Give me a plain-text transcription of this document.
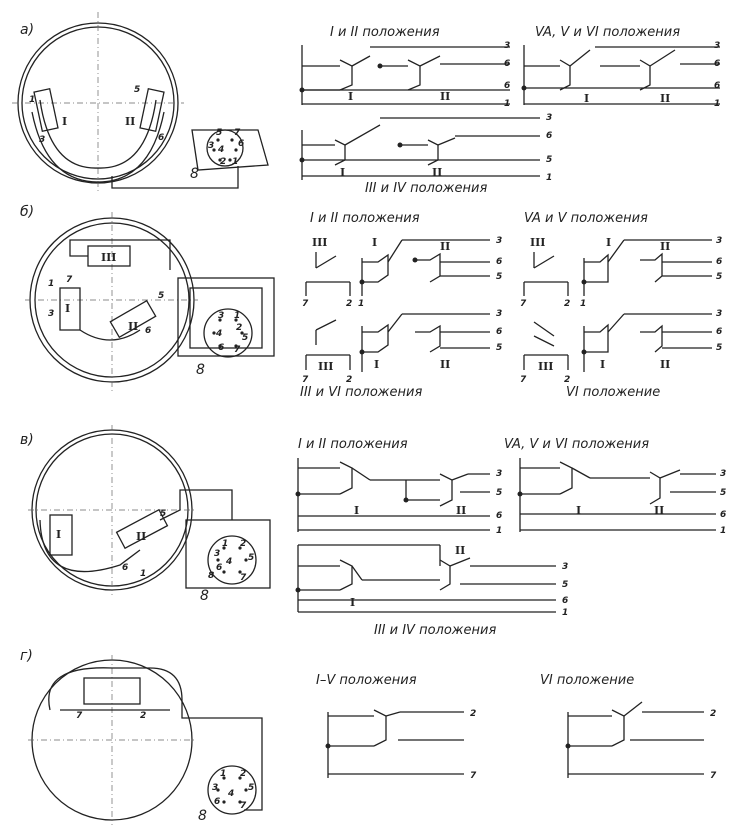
а)
I	II
1
3
5
6	5 7
4
6
2
3
1
8
I и II положения	VA, V и VI положения
III и IV положения
I	II
3
6
6
1	I	II
3
6
6
1
I	II
3
6
5
1
б)
III
I
II
1 7
3
5
6
3 1
2
4 5
6 7
8
I и II положения	VA и V положения
III и VI положения	VI положение
III
7	2
I	II
1
3
6
5
III
7	2
I	II
3
6
5
III
7	2
I	II
1
3
6
5
III
7	2
I	II
3
6
5
в)
I	II
5
6
1
1 2
3
4 5
6
7
8
8
I и II положения	VA, V и VI положения
III и IV положения
I	II
3
5
6
1
I	II
3
5
6
1
I
II
3
5
6
1
г)
7	2
1 2
3
4
5
6 7
8
I–V положения	VI положение
2
7
2
7
